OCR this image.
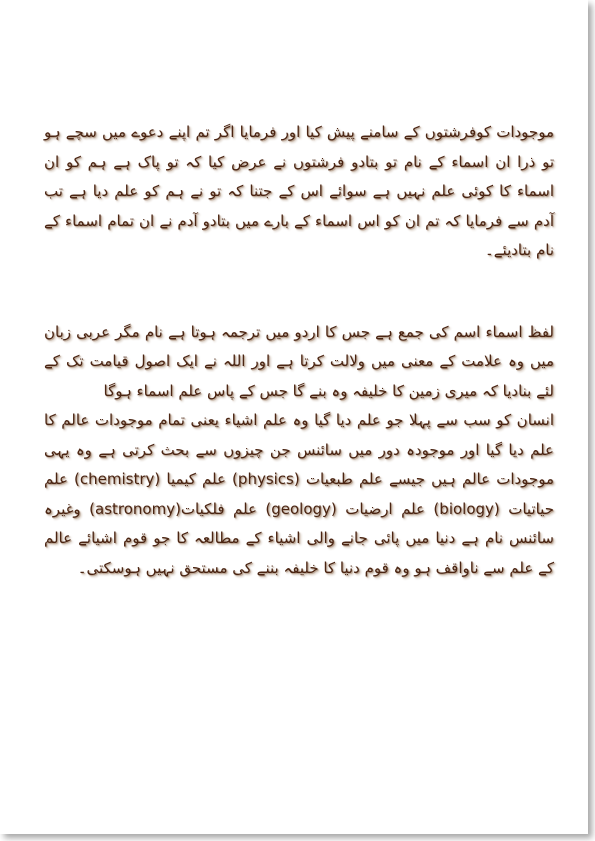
موجودات کوفرشتوں کے سامنے پیش کیا اور فرمایا اگر تم اپنے دعوے میں سچے ہو تو ذرا ان اسماء کے نام تو بتادو فرشتوں نے عرض کیا کہ تو پاک ہے ہم کو ان اسماء کا کوئی علم نہیں ہے سوائے اس کے جتنا کہ تو نے ہم کو علم دیا ہے تب آدم سے فرمایا کہ تم ان کو اس اسماء کے بارے میں بتادو آدم نے ان تمام اسماء کے نام بتادیئے۔

لفظ اسماء اسم کی جمع ہے جس کا اردو میں ترجمہ ہوتا ہے نام مگر عربی زبان میں وہ علامت کے معنی میں ولالت کرتا ہے اور اللہ نے ایک اصول قیامت تک کے لئے بنادیا کہ میری زمین کا خلیفہ وہ بنے گا جس کے پاس علم اسماء ہوگا

انسان کو سب سے پہلا جو علم دیا گیا وہ علم اشیاء یعنی تمام موجودات عالم کا علم دیا گیا اور موجودہ دور میں سائنس جن چیزوں سے بحث کرتی ہے وہ یہی موجودات عالم ہیں جیسے علم طبعیات (physics) علم کیمیا (chemistry) علم حیاتیات (biology) علم ارضیات (geology) علم فلکیات(astronomy) وغیرہ سائنس نام ہے دنیا میں پائی جانے والی اشیاء کے مطالعہ کا جو قوم اشیائے عالم کے علم سے ناواقف ہو وہ قوم دنیا کا خلیفہ بننے کی مستحق نہیں ہوسکتی۔
